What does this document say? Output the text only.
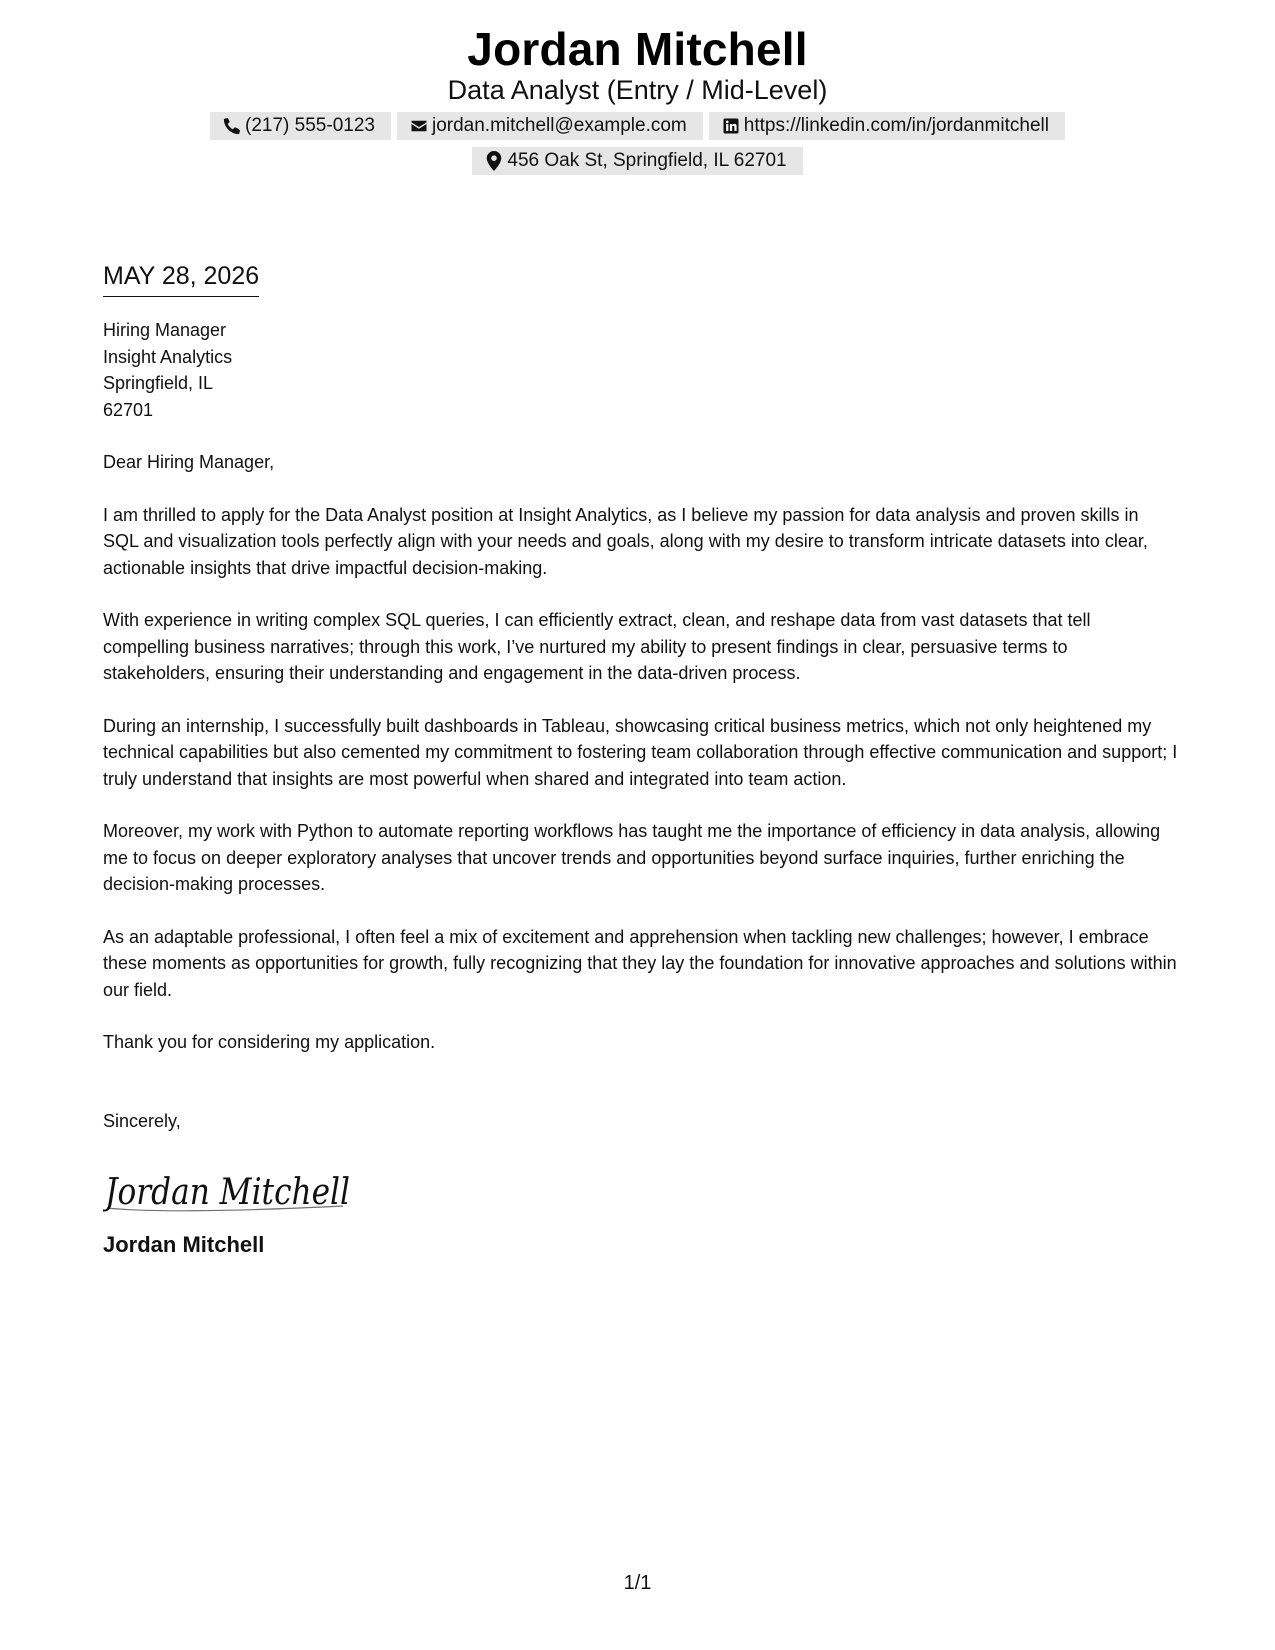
Jordan Mitchell
Data Analyst (Entry / Mid-Level)
(217) 555-0123	jordan.mitchell@example.com	https://linkedin.com/in/jordanmitchell
456 Oak St, Springfield, IL 62701
MAY 28, 2026
Hiring Manager
Insight Analytics
Springfield, IL
62701
Dear Hiring Manager,
I am thrilled to apply for the Data Analyst position at Insight Analytics, as I believe my passion for data analysis and proven skills in SQL and visualization tools perfectly align with your needs and goals, along with my desire to transform intricate datasets into clear, actionable insights that drive impactful decision-making.
With experience in writing complex SQL queries, I can efficiently extract, clean, and reshape data from vast datasets that tell compelling business narratives; through this work, I’ve nurtured my ability to present findings in clear, persuasive terms to stakeholders, ensuring their understanding and engagement in the data-driven process.
During an internship, I successfully built dashboards in Tableau, showcasing critical business metrics, which not only heightened my technical capabilities but also cemented my commitment to fostering team collaboration through effective communication and support; I truly understand that insights are most powerful when shared and integrated into team action.
Moreover, my work with Python to automate reporting workflows has taught me the importance of efficiency in data analysis, allowing me to focus on deeper exploratory analyses that uncover trends and opportunities beyond surface inquiries, further enriching the decision-making processes.
As an adaptable professional, I often feel a mix of excitement and apprehension when tackling new challenges; however, I embrace these moments as opportunities for growth, fully recognizing that they lay the foundation for innovative approaches and solutions within our field.
Thank you for considering my application.
Sincerely,
Jordan Mitchell
Jordan Mitchell
1/1
